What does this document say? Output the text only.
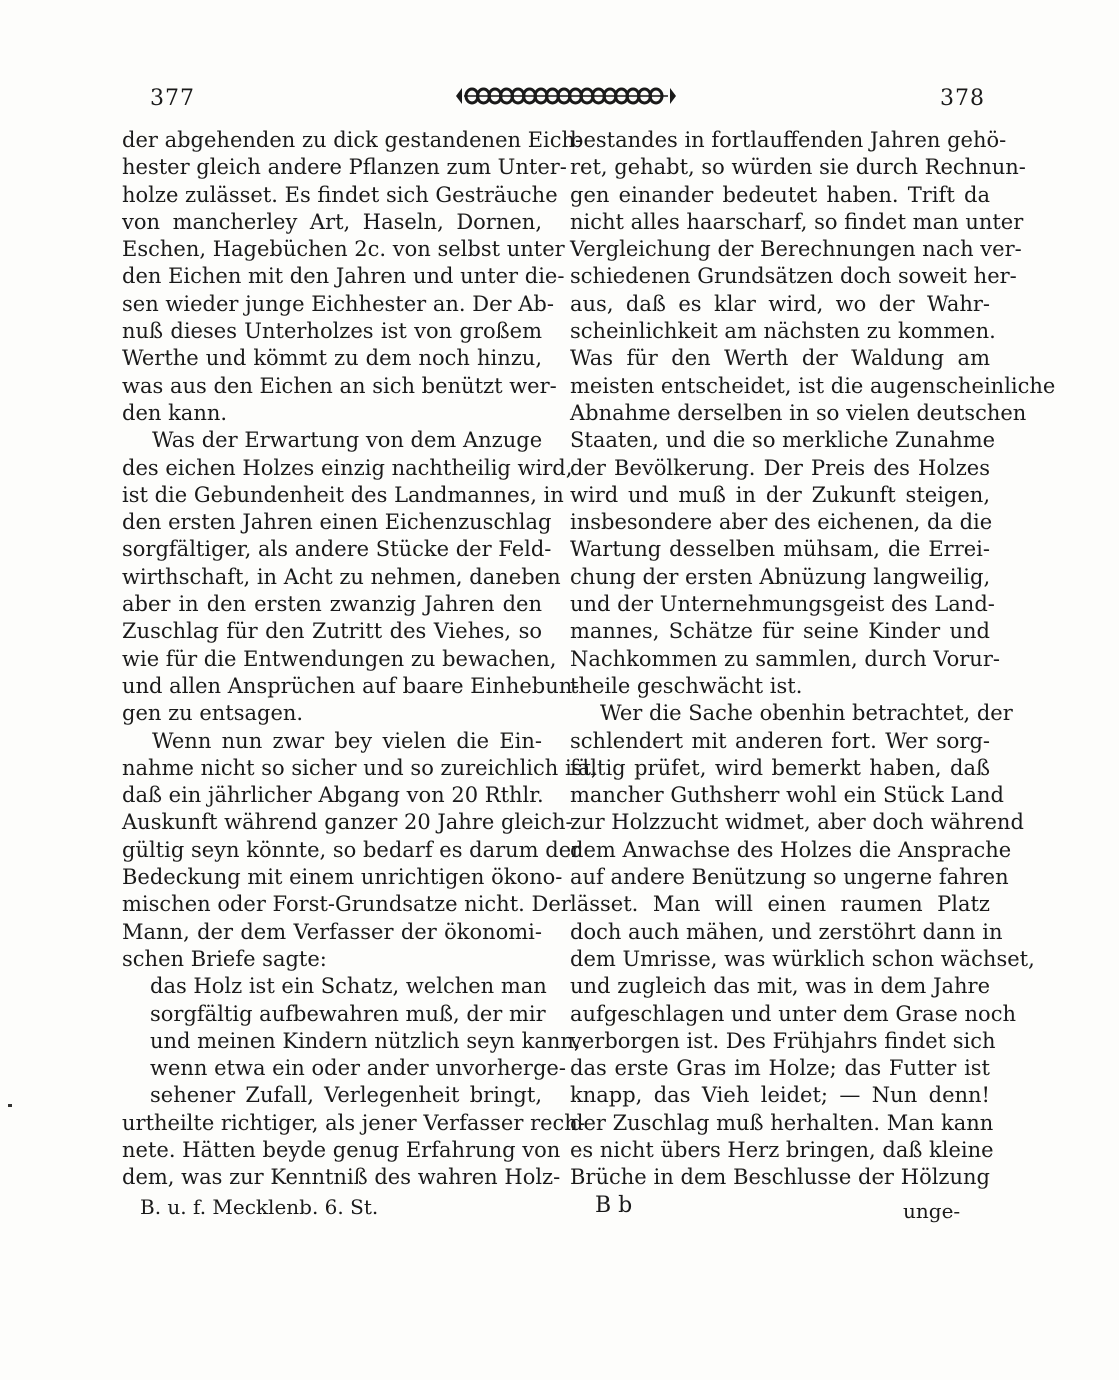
377	378
der abgehenden zu dick gestandenen Eich-
hester gleich andere Pflanzen zum Unter-
holze zulässet. Es findet sich Gesträuche
von mancherley Art, Haseln, Dornen,
Eschen, Hagebüchen 2c. von selbst unter
den Eichen mit den Jahren und unter die-
sen wieder junge Eichhester an. Der Ab-
nuß dieses Unterholzes ist von großem
Werthe und kömmt zu dem noch hinzu,
was aus den Eichen an sich benützt wer-
den kann.
Was der Erwartung von dem Anzuge
des eichen Holzes einzig nachtheilig wird,
ist die Gebundenheit des Landmannes, in
den ersten Jahren einen Eichenzuschlag
sorgfältiger, als andere Stücke der Feld-
wirthschaft, in Acht zu nehmen, daneben
aber in den ersten zwanzig Jahren den
Zuschlag für den Zutritt des Viehes, so
wie für die Entwendungen zu bewachen,
und allen Ansprüchen auf baare Einhebun-
gen zu entsagen.
Wenn nun zwar bey vielen die Ein-
nahme nicht so sicher und so zureichlich ist,
daß ein jährlicher Abgang von 20 Rthlr.
Auskunft während ganzer 20 Jahre gleich-
gültig seyn könnte, so bedarf es darum der
Bedeckung mit einem unrichtigen ökono-
mischen oder Forst-Grundsatze nicht. Der
Mann, der dem Verfasser der ökonomi-
schen Briefe sagte:
das Holz ist ein Schatz, welchen man
sorgfältig aufbewahren muß, der mir
und meinen Kindern nützlich seyn kann,
wenn etwa ein oder ander unvorherge-
sehener Zufall, Verlegenheit bringt,
urtheilte richtiger, als jener Verfasser rech-
nete. Hätten beyde genug Erfahrung von
dem, was zur Kenntniß des wahren Holz-
bestandes in fortlauffenden Jahren gehö-
ret, gehabt, so würden sie durch Rechnun-
gen einander bedeutet haben. Trift da
nicht alles haarscharf, so findet man unter
Vergleichung der Berechnungen nach ver-
schiedenen Grundsätzen doch soweit her-
aus, daß es klar wird, wo der Wahr-
scheinlichkeit am nächsten zu kommen.
Was für den Werth der Waldung am
meisten entscheidet, ist die augenscheinliche
Abnahme derselben in so vielen deutschen
Staaten, und die so merkliche Zunahme
der Bevölkerung. Der Preis des Holzes
wird und muß in der Zukunft steigen,
insbesondere aber des eichenen, da die
Wartung desselben mühsam, die Errei-
chung der ersten Abnüzung langweilig,
und der Unternehmungsgeist des Land-
mannes, Schätze für seine Kinder und
Nachkommen zu sammlen, durch Vorur-
theile geschwächt ist.
Wer die Sache obenhin betrachtet, der
schlendert mit anderen fort. Wer sorg-
fältig prüfet, wird bemerkt haben, daß
mancher Guthsherr wohl ein Stück Land
zur Holzzucht widmet, aber doch während
dem Anwachse des Holzes die Ansprache
auf andere Benützung so ungerne fahren
lässet. Man will einen raumen Platz
doch auch mähen, und zerstöhrt dann in
dem Umrisse, was würklich schon wächset,
und zugleich das mit, was in dem Jahre
aufgeschlagen und unter dem Grase noch
verborgen ist. Des Frühjahrs findet sich
das erste Gras im Holze; das Futter ist
knapp, das Vieh leidet; — Nun denn!
der Zuschlag muß herhalten. Man kann
es nicht übers Herz bringen, daß kleine
Brüche in dem Beschlusse der Hölzung
B. u. f. Mecklenb. 6. St.	B b	unge-
